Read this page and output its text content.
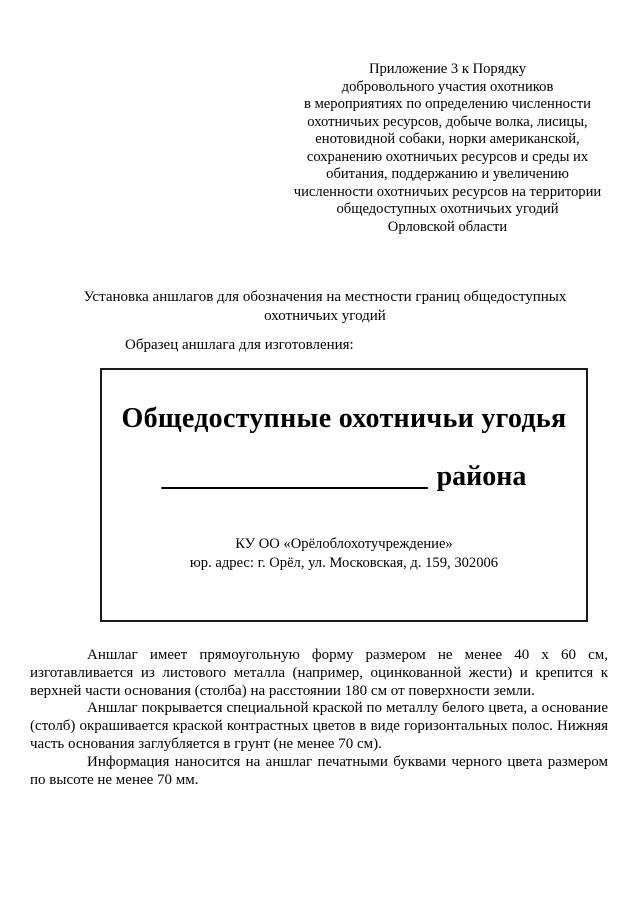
Приложение 3 к Порядку
добровольного участия охотников
в мероприятиях по определению численности
охотничьих ресурсов, добыче волка, лисицы,
енотовидной собаки, норки американской,
сохранению охотничьих ресурсов и среды их
обитания, поддержанию и увеличению
численности охотничьих ресурсов на территории
общедоступных охотничьих угодий
Орловской области
Установка аншлагов для обозначения на местности границ общедоступных охотничьих угодий
Образец аншлага для изготовления:
Общедоступные охотничьи угодья
___________________ района
КУ ОО «Орёлоблохотучреждение»
юр. адрес: г. Орёл, ул. Московская, д. 159, 302006

Аншлаг имеет прямоугольную форму размером не менее 40 х 60 см, изготавливается из листового металла (например, оцинкованной жести) и крепится к верхней части основания (столба) на расстоянии 180 см от поверхности земли.

Аншлаг покрывается специальной краской по металлу белого цвета, а основание (столб) окрашивается краской контрастных цветов в виде горизонтальных полос. Нижняя часть основания заглубляется в грунт (не менее 70 см).

Информация наносится на аншлаг печатными буквами черного цвета размером по высоте не менее 70 мм.
